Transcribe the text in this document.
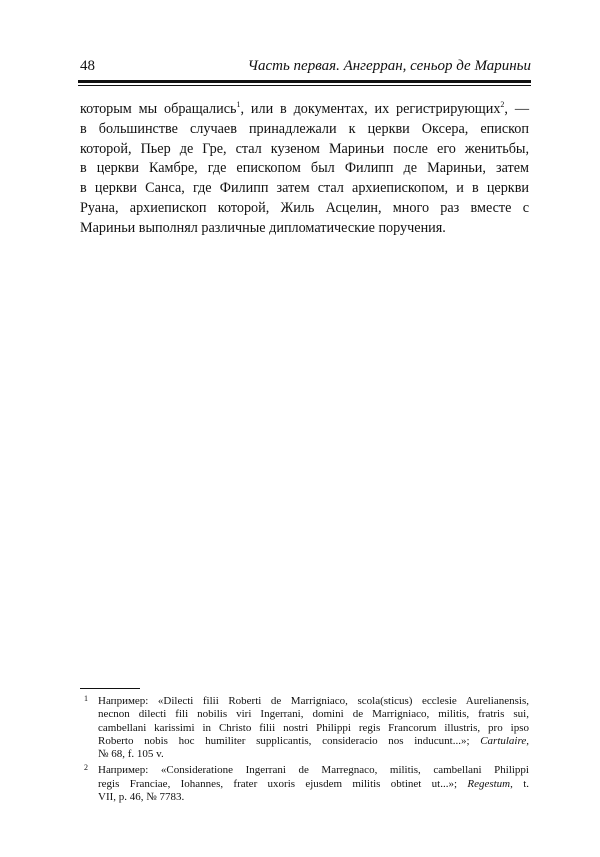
48	Часть первая. Ангерран, сеньор де Мариньи
которым мы обращались$^1$, или в документах, их регистрирующих$^2$, —
в большинстве случаев принадлежали к церкви Оксера, епископ
которой, Пьер де Гре, стал кузеном Мариньи после его женитьбы,
в церкви Камбре, где епископом был Филипп де Мариньи, затем
в церкви Санса, где Филипп затем стал архиепископом, и в церкви
Руана, архиепископ которой, Жиль Асцелин, много раз вместе с
Мариньи выполнял различные дипломатические поручения.
1 Например: «Dilecti filii Roberti de Marrigniaco, scola(sticus) ecclesie Aurelianensis,
necnon dilecti fili nobilis viri Ingerrani, domini de Marrigniaco, militis, fratris sui,
cambellani karissimi in Christo filii nostri Philippi regis Francorum illustris, pro ipso
Roberto nobis hoc humiliter supplicantis, consideracio nos inducunt...»; Cartulaire,
№ 68, f. 105 v.
2 Например: «Considerationе Ingerrani de Marregnaco, militis, cambellani Philippi
regis Franciae, Iohannes, frater uxoris ejusdem militis obtinet ut...»; Regestum, t.
VII, p. 46, № 7783.
